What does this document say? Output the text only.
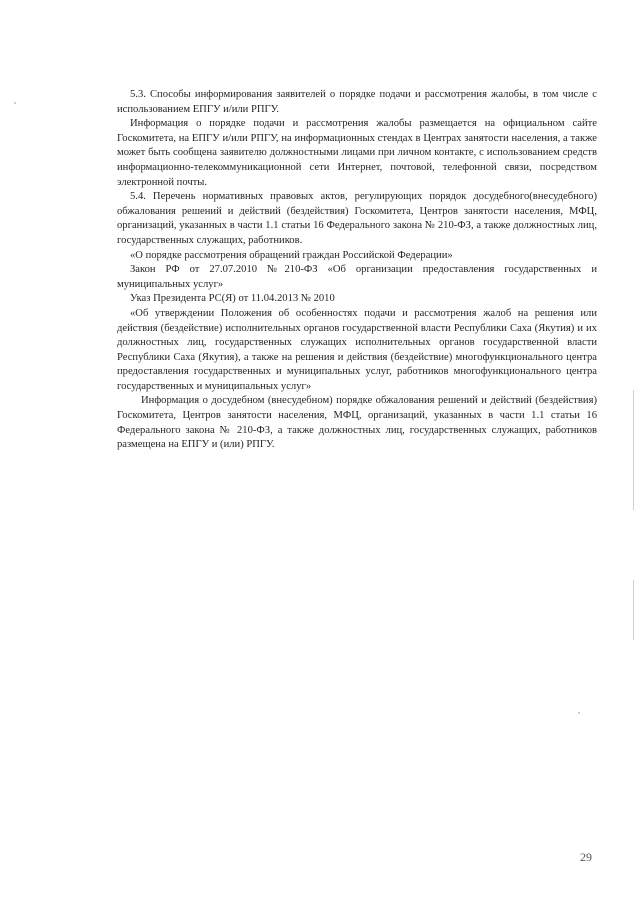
5.3. Способы информирования заявителей о порядке подачи и рассмотрения жалобы, в том числе с использованием ЕПГУ и/или РПГУ.

Информация о порядке подачи и рассмотрения жалобы размещается на официальном сайте Госкомитета, на ЕПГУ и/или РПГУ, на информационных стендах в Центрах занятости населения, а также может быть сообщена заявителю должностными лицами при личном контакте, с использованием средств информационно-телекоммуникационной сети Интернет, почтовой, телефонной связи, посредством электронной почты.

5.4. Перечень нормативных правовых актов, регулирующих порядок досудебного(внесудебного) обжалования решений и действий (бездействия) Госкомитета, Центров занятости населения, МФЦ, организаций, указанных в части 1.1 статьи 16 Федерального закона № 210-ФЗ, а также должностных лиц, государственных служащих, работников.

«О порядке рассмотрения обращений граждан Российской Федерации»

Закон РФ от 27.07.2010 №210-ФЗ «Об организации предоставления государственных и муниципальных услуг»

Указ Президента РС(Я) от 11.04.2013 № 2010

«Об утверждении Положения об особенностях подачи и рассмотрения жалоб на решения или действия (бездействие) исполнительных органов государственной власти Республики Саха (Якутия) и их должностных лиц, государственных служащих исполнительных органов государственной власти Республики Саха (Якутия), а также на решения и действия (бездействие) многофункционального центра предоставления государственных и муниципальных услуг, работников многофункционального центра государственных и муниципальных услуг»

Информация о досудебном (внесудебном) порядке обжалования решений и действий (бездействия) Госкомитета, Центров занятости населения, МФЦ, организаций, указанных в части 1.1 статьи 16 Федерального закона № 210-ФЗ, а также должностных лиц, государственных служащих, работников размещена на ЕПГУ и (или) РПГУ.

29
